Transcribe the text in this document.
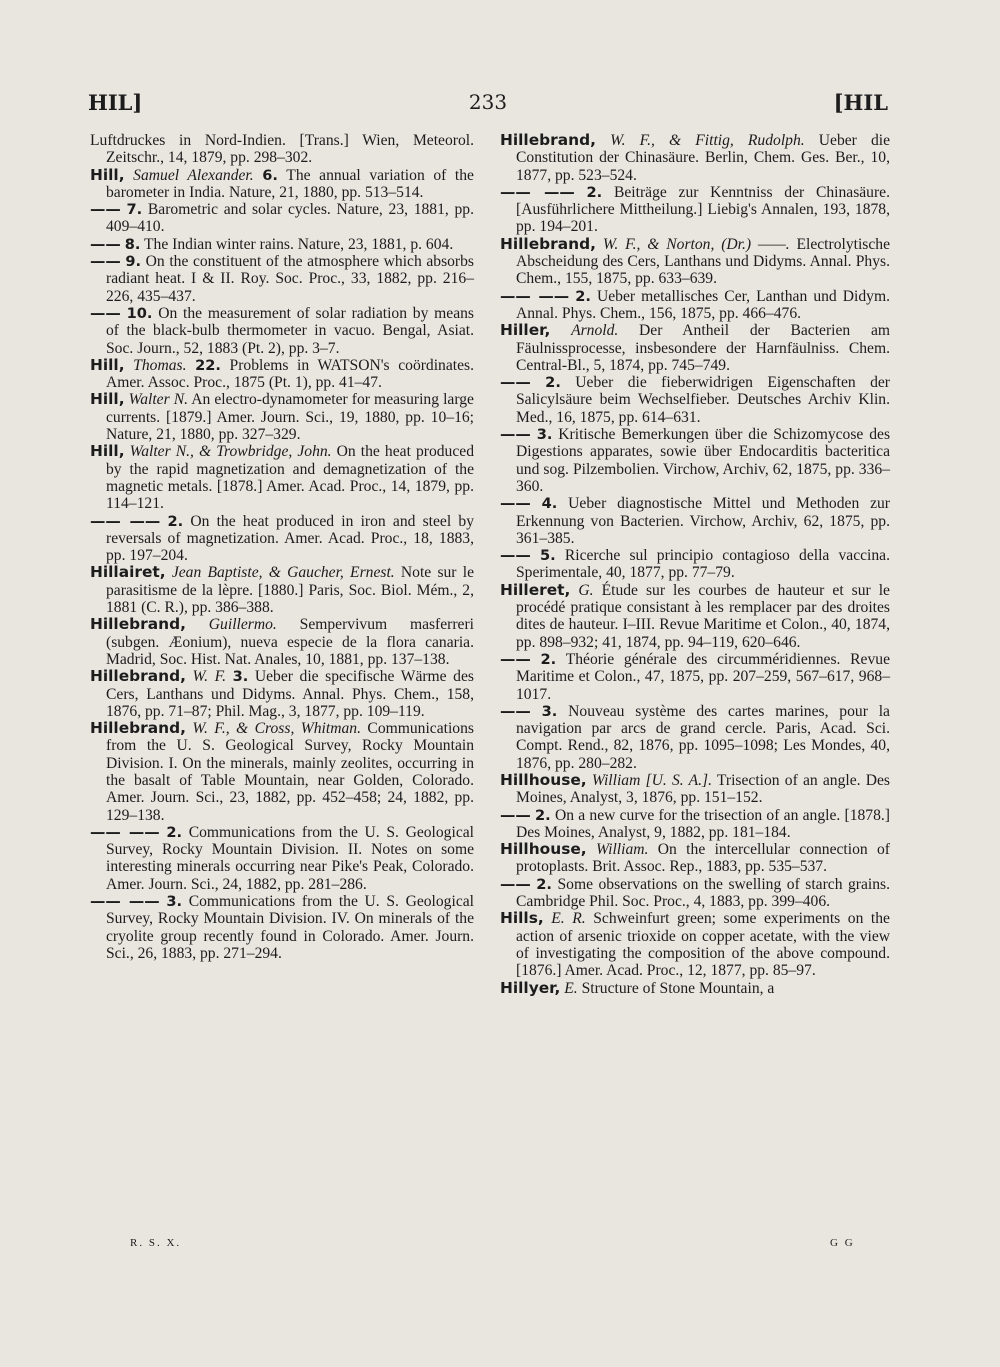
HIL]	233	[HIL

Luftdruckes in Nord-Indien. [Trans.] Wien, Meteorol. Zeitschr., 14, 1879, pp. 298–302.

Hill, Samuel Alexander. 6. The annual variation of the barometer in India. Nature, 21, 1880, pp. 513–514.

—— 7. Barometric and solar cycles. Nature, 23, 1881, pp. 409–410.

—— 8. The Indian winter rains. Nature, 23, 1881, p. 604.

—— 9. On the constituent of the atmosphere which absorbs radiant heat. I & II. Roy. Soc. Proc., 33, 1882, pp. 216–226, 435–437.

—— 10. On the measurement of solar radiation by means of the black-bulb thermometer in vacuo. Bengal, Asiat. Soc. Journ., 52, 1883 (Pt. 2), pp. 3–7.

Hill, Thomas. 22. Problems in WATSON's coördinates. Amer. Assoc. Proc., 1875 (Pt. 1), pp. 41–47.

Hill, Walter N. An electro-dynamometer for measuring large currents. [1879.] Amer. Journ. Sci., 19, 1880, pp. 10–16; Nature, 21, 1880, pp. 327–329.

Hill, Walter N., & Trowbridge, John. On the heat produced by the rapid magnetization and demagnetization of the magnetic metals. [1878.] Amer. Acad. Proc., 14, 1879, pp. 114–121.

—— —— 2. On the heat produced in iron and steel by reversals of magnetization. Amer. Acad. Proc., 18, 1883, pp. 197–204.

Hillairet, Jean Baptiste, & Gaucher, Ernest. Note sur le parasitisme de la lèpre. [1880.] Paris, Soc. Biol. Mém., 2, 1881 (C. R.), pp. 386–388.

Hillebrand, Guillermo. Sempervivum masferreri (subgen. Æonium), nueva especie de la flora canaria. Madrid, Soc. Hist. Nat. Anales, 10, 1881, pp. 137–138.

Hillebrand, W. F. 3. Ueber die specifische Wärme des Cers, Lanthans und Didyms. Annal. Phys. Chem., 158, 1876, pp. 71–87; Phil. Mag., 3, 1877, pp. 109–119.

Hillebrand, W. F., & Cross, Whitman. Communications from the U. S. Geological Survey, Rocky Mountain Division. I. On the minerals, mainly zeolites, occurring in the basalt of Table Mountain, near Golden, Colorado. Amer. Journ. Sci., 23, 1882, pp. 452–458; 24, 1882, pp. 129–138.

—— —— 2. Communications from the U. S. Geological Survey, Rocky Mountain Division. II. Notes on some interesting minerals occurring near Pike's Peak, Colorado. Amer. Journ. Sci., 24, 1882, pp. 281–286.

—— —— 3. Communications from the U. S. Geological Survey, Rocky Mountain Division. IV. On minerals of the cryolite group recently found in Colorado. Amer. Journ. Sci., 26, 1883, pp. 271–294.

Hillebrand, W. F., & Fittig, Rudolph. Ueber die Constitution der Chinasäure. Berlin, Chem. Ges. Ber., 10, 1877, pp. 523–524.

—— —— 2. Beiträge zur Kenntniss der Chinasäure. [Ausführlichere Mittheilung.] Liebig's Annalen, 193, 1878, pp. 194–201.

Hillebrand, W. F., & Norton, (Dr.) ——. Electrolytische Abscheidung des Cers, Lanthans und Didyms. Annal. Phys. Chem., 155, 1875, pp. 633–639.

—— —— 2. Ueber metallisches Cer, Lanthan und Didym. Annal. Phys. Chem., 156, 1875, pp. 466–476.

Hiller, Arnold. Der Antheil der Bacterien am Fäulnissprocesse, insbesondere der Harnfäulniss. Chem. Central-Bl., 5, 1874, pp. 745–749.

—— 2. Ueber die fieberwidrigen Eigenschaften der Salicylsäure beim Wechselfieber. Deutsches Archiv Klin. Med., 16, 1875, pp. 614–631.

—— 3. Kritische Bemerkungen über die Schizomycose des Digestions apparates, sowie über Endocarditis bacteritica und sog. Pilzembolien. Virchow, Archiv, 62, 1875, pp. 336–360.

—— 4. Ueber diagnostische Mittel und Methoden zur Erkennung von Bacterien. Virchow, Archiv, 62, 1875, pp. 361–385.

—— 5. Ricerche sul principio contagioso della vaccina. Sperimentale, 40, 1877, pp. 77–79.

Hilleret, G. Étude sur les courbes de hauteur et sur le procédé pratique consistant à les remplacer par des droites dites de hauteur. I–III. Revue Maritime et Colon., 40, 1874, pp. 898–932; 41, 1874, pp. 94–119, 620–646.

—— 2. Théorie générale des circumméridiennes. Revue Maritime et Colon., 47, 1875, pp. 207–259, 567–617, 968–1017.

—— 3. Nouveau système des cartes marines, pour la navigation par arcs de grand cercle. Paris, Acad. Sci. Compt. Rend., 82, 1876, pp. 1095–1098; Les Mondes, 40, 1876, pp. 280–282.

Hillhouse, William [U. S. A.]. Trisection of an angle. Des Moines, Analyst, 3, 1876, pp. 151–152.

—— 2. On a new curve for the trisection of an angle. [1878.] Des Moines, Analyst, 9, 1882, pp. 181–184.

Hillhouse, William. On the intercellular connection of protoplasts. Brit. Assoc. Rep., 1883, pp. 535–537.

—— 2. Some observations on the swelling of starch grains. Cambridge Phil. Soc. Proc., 4, 1883, pp. 399–406.

Hills, E. R. Schweinfurt green; some experiments on the action of arsenic trioxide on copper acetate, with the view of investigating the composition of the above compound. [1876.] Amer. Acad. Proc., 12, 1877, pp. 85–97.

Hillyer, E. Structure of Stone Mountain, a

R. S. X.	G G
